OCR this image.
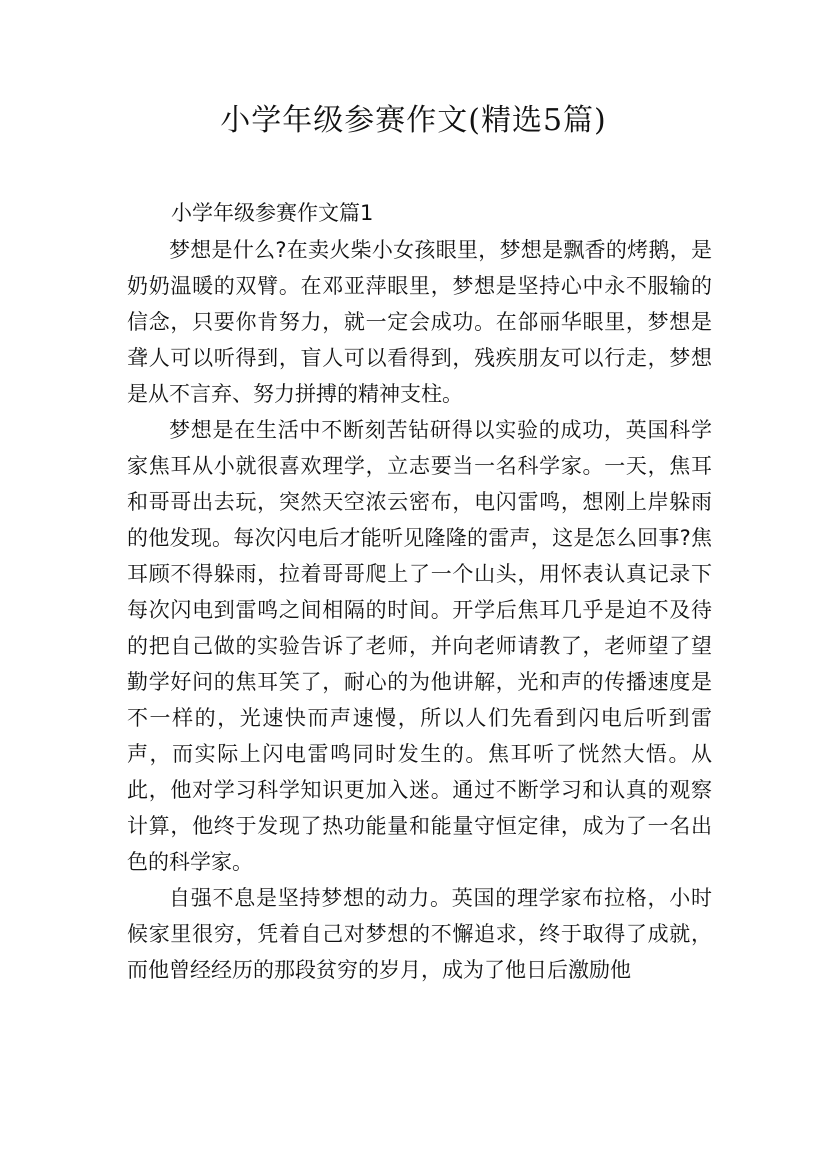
小学年级参赛作文(精选5篇)
小学年级参赛作文篇1

梦想是什么?在卖火柴小女孩眼里，梦想是飘香的烤鹅，是奶奶温暖的双臂。在邓亚萍眼里，梦想是坚持心中永不服输的信念，只要你肯努力，就一定会成功。在郃丽华眼里，梦想是聋人可以听得到，盲人可以看得到，残疾朋友可以行走，梦想是从不言弃、努力拼搏的精神支柱。

梦想是在生活中不断刻苦钻研得以实验的成功，英国科学家焦耳从小就很喜欢理学，立志要当一名科学家。一天，焦耳和哥哥出去玩，突然天空浓云密布，电闪雷鸣，想刚上岸躲雨的他发现。每次闪电后才能听见隆隆的雷声，这是怎么回事?焦耳顾不得躲雨，拉着哥哥爬上了一个山头，用怀表认真记录下每次闪电到雷鸣之间相隔的时间。开学后焦耳几乎是迫不及待的把自己做的实验告诉了老师，并向老师请教了，老师望了望勤学好问的焦耳笑了，耐心的为他讲解，光和声的传播速度是不一样的，光速快而声速慢，所以人们先看到闪电后听到雷声，而实际上闪电雷鸣同时发生的。焦耳听了恍然大悟。从此，他对学习科学知识更加入迷。通过不断学习和认真的观察计算，他终于发现了热功能量和能量守恒定律，成为了一名出色的科学家。

自强不息是坚持梦想的动力。英国的理学家布拉格，小时候家里很穷，凭着自己对梦想的不懈追求，终于取得了成就，而他曾经经历的那段贫穷的岁月，成为了他日后激励他
